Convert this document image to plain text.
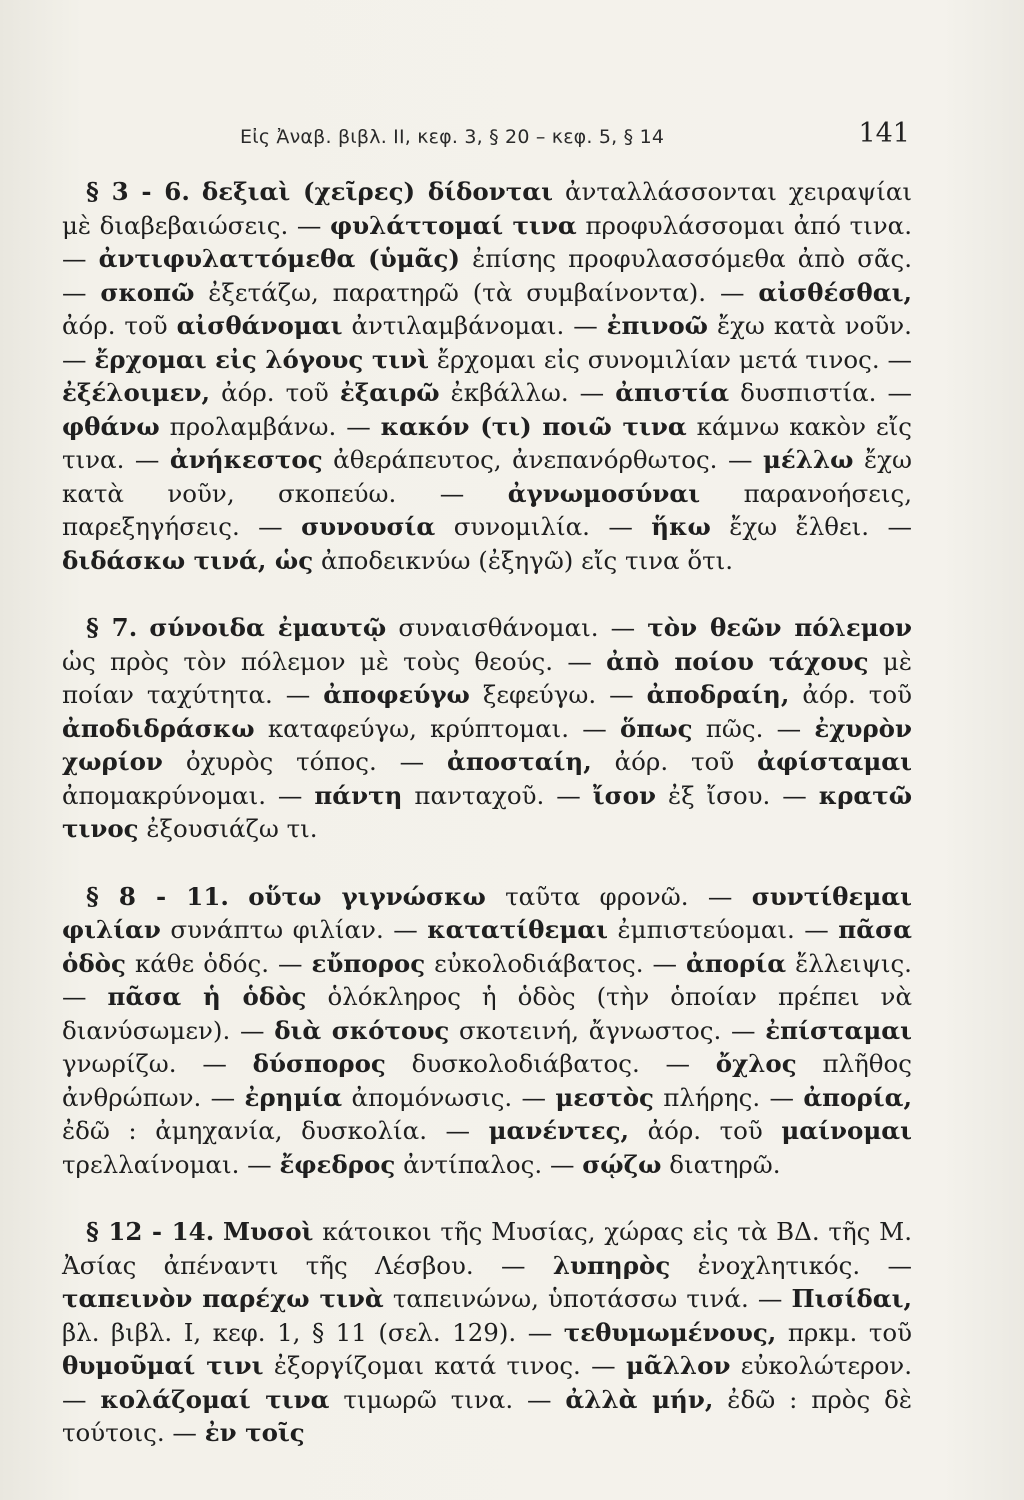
Εἰς Ἀναβ. βιβλ. ΙΙ, κεφ. 3, § 20 – κεφ. 5, § 14	141

§ 3 - 6. δεξιαὶ (χεῖρες) δίδονται ἀνταλλάσσονται χειραψίαι μὲ διαβεβαιώσεις. — φυλάττομαί τινα προφυλάσσομαι ἀπό τινα. — ἀντιφυλαττόμεθα (ὑμᾶς) ἐπίσης προφυλασσόμεθα ἀπὸ σᾶς. — σκοπῶ ἐξετάζω, παρατηρῶ (τὰ συμβαίνοντα). — αἰσθέσθαι, ἀόρ. τοῦ αἰσθάνομαι ἀντιλαμβάνομαι. — ἐπινοῶ ἔχω κατὰ νοῦν. — ἔρχομαι εἰς λόγους τινὶ ἔρχομαι εἰς συνομιλίαν μετά τινος. — ἐξέλοιμεν, ἀόρ. τοῦ ἐξαιρῶ ἐκβάλλω. — ἀπιστία δυσπιστία. — φθάνω προλαμβάνω. — κακόν (τι) ποιῶ τινα κάμνω κακὸν εἴς τινα. — ἀνήκεστος ἀθεράπευτος, ἀνεπανόρθωτος. — μέλλω ἔχω κατὰ νοῦν, σκοπεύω. — ἀγνωμοσύναι παρανοήσεις, παρεξηγήσεις. — συνουσία συνομιλία. — ἥκω ἔχω ἔλθει. — διδάσκω τινά, ὡς ἀποδεικνύω (ἐξηγῶ) εἴς τινα ὅτι.

§ 7. σύνοιδα ἐμαυτῷ συναισθάνομαι. — τὸν θεῶν πόλεμον ὡς πρὸς τὸν πόλεμον μὲ τοὺς θεούς. — ἀπὸ ποίου τάχους μὲ ποίαν ταχύτητα. — ἀποφεύγω ξεφεύγω. — ἀποδραίη, ἀόρ. τοῦ ἀποδιδράσκω καταφεύγω, κρύπτομαι. — ὅπως πῶς. — ἐχυρὸν χωρίον ὀχυρὸς τόπος. — ἀποσταίη, ἀόρ. τοῦ ἀφίσταμαι ἀπομακρύνομαι. — πάντη πανταχοῦ. — ἴσον ἐξ ἴσου. — κρατῶ τινος ἐξουσιάζω τι.

§ 8 - 11. οὕτω γιγνώσκω ταῦτα φρονῶ. — συντίθεμαι φιλίαν συνάπτω φιλίαν. — κατατίθεμαι ἐμπιστεύομαι. — πᾶσα ὁδὸς κάθε ὁδός. — εὔπορος εὐκολοδιάβατος. — ἀπορία ἔλλειψις. — πᾶσα ἡ ὁδὸς ὁλόκληρος ἡ ὁδὸς (τὴν ὁποίαν πρέπει νὰ διανύσωμεν). — διὰ σκότους σκοτεινή, ἄγνωστος. — ἐπίσταμαι γνωρίζω. — δύσπορος δυσκολοδιάβατος. — ὄχλος πλῆθος ἀνθρώπων. — ἐρημία ἀπομόνωσις. — μεστὸς πλήρης. — ἀπορία, ἐδῶ : ἀμηχανία, δυσκολία. — μανέντες, ἀόρ. τοῦ μαίνομαι τρελλαίνομαι. — ἔφεδρος ἀντίπαλος. — σῴζω διατηρῶ.

§ 12 - 14. Μυσοὶ κάτοικοι τῆς Μυσίας, χώρας εἰς τὰ ΒΔ. τῆς Μ. Ἀσίας ἀπέναντι τῆς Λέσβου. — λυπηρὸς ἐνοχλητικός. — ταπεινὸν παρέχω τινὰ ταπεινώνω, ὑποτάσσω τινά. — Πισίδαι, βλ. βιβλ. Ι, κεφ. 1, § 11 (σελ. 129). — τεθυμωμένους, πρκμ. τοῦ θυμοῦμαί τινι ἐξοργίζομαι κατά τινος. — μᾶλλον εὐκολώτερον. — κολάζομαί τινα τιμωρῶ τινα. — ἀλλὰ μήν, ἐδῶ : πρὸς δὲ τούτοις. — ἐν τοῖς
